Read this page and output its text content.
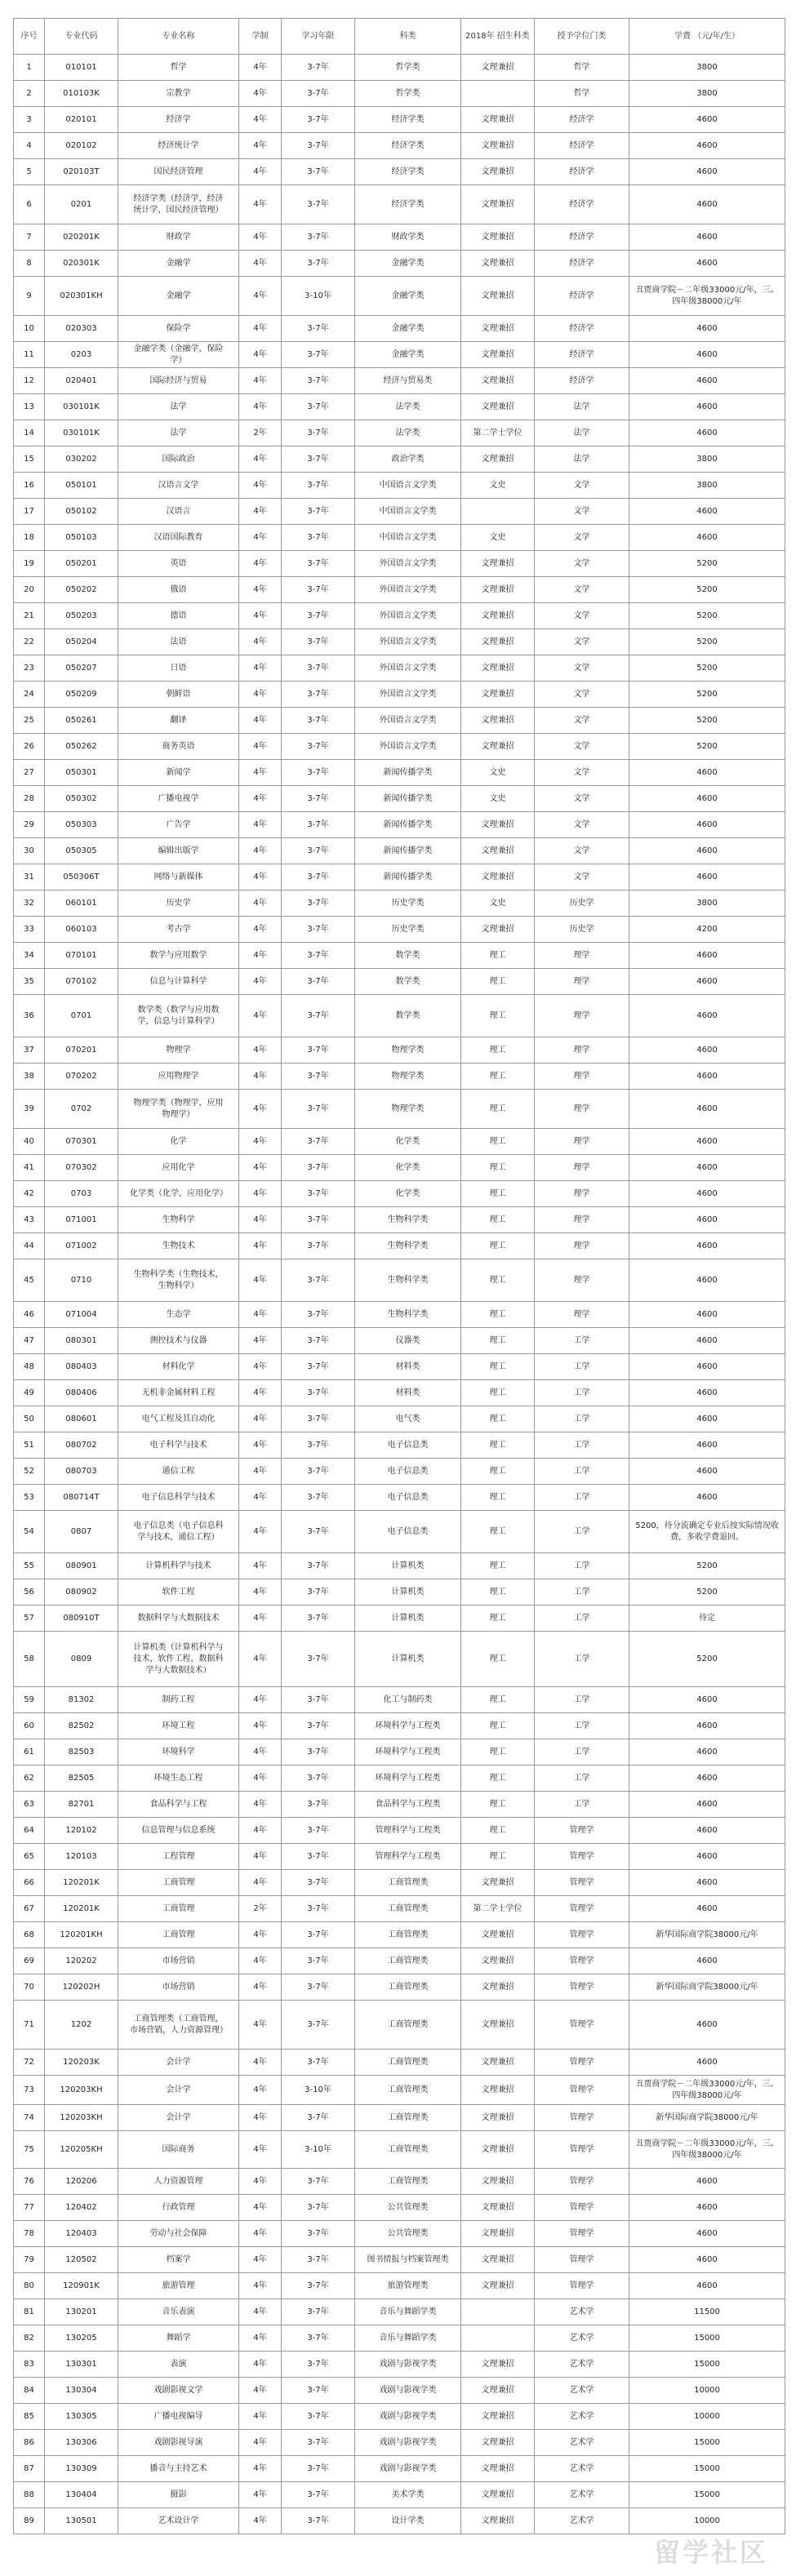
序号	专业代码	专业名称	学制	学习年限	科类	2018年 招生科类	授予学位门类	学费 （元/年/生）
1	010101	哲学	4年	3-7年	哲学类	文理兼招	哲学	3800
2	010103K	宗教学	4年	3-7年	哲学类		哲学	3800
3	020101	经济学	4年	3-7年	经济学类	文理兼招	经济学	4600
4	020102	经济统计学	4年	3-7年	经济学类	文理兼招	经济学	4600
5	020103T	国民经济管理	4年	3-7年	经济学类	文理兼招	经济学	4600
6	0201	经济学类（经济学，经济统计学，国民经济管理）	4年	3-7年	经济学类	文理兼招	经济学	4600
7	020201K	财政学	4年	3-7年	财政学类	文理兼招	经济学	4600
8	020301K	金融学	4年	3-7年	金融学类	文理兼招	经济学	4600
9	020301KH	金融学	4年	3-10年	金融学类	文理兼招	经济学	丑贾商学院－二年级33000元/年，三、四年级38000元/年
10	020303	保险学	4年	3-7年	金融学类	文理兼招	经济学	4600
11	0203	金融学类（金融学，保险学）	4年	3-7年	金融学类	文理兼招	经济学	4600
12	020401	国际经济与贸易	4年	3-7年	经济与贸易类	文理兼招	经济学	4600
13	030101K	法学	4年	3-7年	法学类	文理兼招	法学	4600
14	030101K	法学	2年	3-7年	法学类	第二学士学位	法学	4600
15	030202	国际政治	4年	3-7年	政治学类	文理兼招	法学	3800
16	050101	汉语言文学	4年	3-7年	中国语言文学类	文史	文学	3800
17	050102	汉语言	4年	3-7年	中国语言文学类		文学	4600
18	050103	汉语国际教育	4年	3-7年	中国语言文学类	文史	文学	4600
19	050201	英语	4年	3-7年	外国语言文学类	文理兼招	文学	5200
20	050202	俄语	4年	3-7年	外国语言文学类	文理兼招	文学	5200
21	050203	德语	4年	3-7年	外国语言文学类	文理兼招	文学	5200
22	050204	法语	4年	3-7年	外国语言文学类	文理兼招	文学	5200
23	050207	日语	4年	3-7年	外国语言文学类	文理兼招	文学	5200
24	050209	朝鲜语	4年	3-7年	外国语言文学类	文理兼招	文学	5200
25	050261	翻译	4年	3-7年	外国语言文学类	文理兼招	文学	5200
26	050262	商务英语	4年	3-7年	外国语言文学类	文理兼招	文学	5200
27	050301	新闻学	4年	3-7年	新闻传播学类	文史	文学	4600
28	050302	广播电视学	4年	3-7年	新闻传播学类	文史	文学	4600
29	050303	广告学	4年	3-7年	新闻传播学类	文理兼招	文学	4600
30	050305	编辑出版学	4年	3-7年	新闻传播学类	文理兼招	文学	4600
31	050306T	网络与新媒体	4年	3-7年	新闻传播学类	文理兼招	文学	4600
32	060101	历史学	4年	3-7年	历史学类	文史	历史学	3800
33	060103	考古学	4年	3-7年	历史学类	文理兼招	历史学	4200
34	070101	数学与应用数学	4年	3-7年	数学类	理工	理学	4600
35	070102	信息与计算科学	4年	3-7年	数学类	理工	理学	4600
36	0701	数学类（数学与应用数学，信息与计算科学）	4年	3-7年	数学类	理工	理学	4600
37	070201	物理学	4年	3-7年	物理学类	理工	理学	4600
38	070202	应用物理学	4年	3-7年	物理学类	理工	理学	4600
39	0702	物理学类（物理学，应用物理学）	4年	3-7年	物理学类	理工	理学	4600
40	070301	化学	4年	3-7年	化学类	理工	理学	4600
41	070302	应用化学	4年	3-7年	化学类	理工	理学	4600
42	0703	化学类（化学，应用化学）	4年	3-7年	化学类	理工	理学	4600
43	071001	生物科学	4年	3-7年	生物科学类	理工	理学	4600
44	071002	生物技术	4年	3-7年	生物科学类	理工	理学	4600
45	0710	生物科学类（生物技术，生物科学）	4年	3-7年	生物科学类	理工	理学	4600
46	071004	生态学	4年	3-7年	生物科学类	理工	理学	4600
47	080301	测控技术与仪器	4年	3-7年	仪器类	理工	工学	4600
48	080403	材料化学	4年	3-7年	材料类	理工	工学	4600
49	080406	无机非金属材料工程	4年	3-7年	材料类	理工	工学	4600
50	080601	电气工程及其自动化	4年	3-7年	电气类	理工	工学	4600
51	080702	电子科学与技术	4年	3-7年	电子信息类	理工	工学	4600
52	080703	通信工程	4年	3-7年	电子信息类	理工	工学	4600
53	080714T	电子信息科学与技术	4年	3-7年	电子信息类	理工	工学	4600
54	0807	电子信息类（电子信息科学与技术，通信工程）	4年	3-7年	电子信息类	理工	工学	5200，待分流确定专业后按实际情况收费，多收学费退回。
55	080901	计算机科学与技术	4年	3-7年	计算机类	理工	工学	5200
56	080902	软件工程	4年	3-7年	计算机类	理工	工学	5200
57	080910T	数据科学与大数据技术	4年	3-7年	计算机类	理工	工学	待定
58	0809	计算机类（计算机科学与技术，软件工程，数据科学与大数据技术）	4年	3-7年	计算机类	理工	工学	5200
59	81302	制药工程	4年	3-7年	化工与制药类	理工	工学	4600
60	82502	环境工程	4年	3-7年	环境科学与工程类	理工	工学	4600
61	82503	环境科学	4年	3-7年	环境科学与工程类	理工	工学	4600
62	82505	环境生态工程	4年	3-7年	环境科学与工程类	理工	工学	4600
63	82701	食品科学与工程	4年	3-7年	食品科学与工程类	理工	工学	4600
64	120102	信息管理与信息系统	4年	3-7年	管理科学与工程类	理工	管理学	4600
65	120103	工程管理	4年	3-7年	管理科学与工程类	理工	管理学	4600
66	120201K	工商管理	4年	3-7年	工商管理类	文理兼招	管理学	4600
67	120201K	工商管理	2年	3-7年	工商管理类	第二学士学位	管理学	4600
68	120201KH	工商管理	4年	3-7年	工商管理类	文理兼招	管理学	新华国际商学院38000元/年
69	120202	市场营销	4年	3-7年	工商管理类	文理兼招	管理学	4600
70	120202H	市场营销	4年	3-7年	工商管理类	文理兼招	管理学	新华国际商学院38000元/年
71	1202	工商管理类（工商管理，市场营销，人力资源管理）	4年	3-7年	工商管理类	文理兼招	管理学	4600
72	120203K	会计学	4年	3-7年	工商管理类	文理兼招	管理学	4600
73	120203KH	会计学	4年	3-10年	工商管理类	文理兼招	管理学	丑贾商学院－二年级33000元/年，三、四年级38000元/年
74	120203KH	会计学	4年	3-7年	工商管理类	文理兼招	管理学	新华国际商学院38000元/年
75	120205KH	国际商务	4年	3-10年	工商管理类	文理兼招	管理学	丑贾商学院－二年级33000元/年，三、四年级38000元/年
76	120206	人力资源管理	4年	3-7年	工商管理类	文理兼招	管理学	4600
77	120402	行政管理	4年	3-7年	公共管理类	文理兼招	管理学	4600
78	120403	劳动与社会保障	4年	3-7年	公共管理类	文理兼招	管理学	4600
79	120502	档案学	4年	3-7年	图书情报与档案管理类	文理兼招	管理学	4600
80	120901K	旅游管理	4年	3-7年	旅游管理类	文理兼招	管理学	4600
81	130201	音乐表演	4年	3-7年	音乐与舞蹈学类		艺术学	11500
82	130205	舞蹈学	4年	3-7年	音乐与舞蹈学类		艺术学	15000
83	130301	表演	4年	3-7年	戏剧与影视学类	文理兼招	艺术学	15000
84	130304	戏剧影视文学	4年	3-7年	戏剧与影视学类	文理兼招	艺术学	10000
85	130305	广播电视编导	4年	3-7年	戏剧与影视学类	文理兼招	艺术学	10000
86	130306	戏剧影视导演	4年	3-7年	戏剧与影视学类	文理兼招	艺术学	15000
87	130309	播音与主持艺术	4年	3-7年	戏剧与影视学类	文理兼招	艺术学	15000
88	130404	摄影	4年	3-7年	美术学类	文理兼招	艺术学	15000
89	130501	艺术设计学	4年	3-7年	设计学类	文理兼招	艺术学	10000
留学社区
